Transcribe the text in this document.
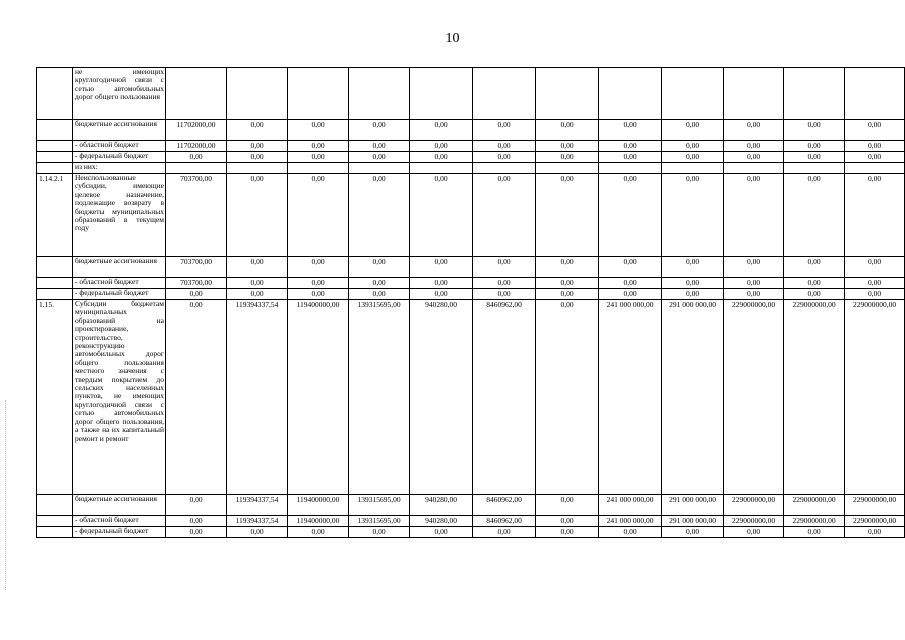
10
	не имеющих круглогодичной связи с сетью автомобильных дорог общего пользования												
	бюджетные ассигнования	11702000,00	0,00	0,00	0,00	0,00	0,00	0,00	0,00	0,00	0,00	0,00	0,00
	- областной бюджет	11702000,00	0,00	0,00	0,00	0,00	0,00	0,00	0,00	0,00	0,00	0,00	0,00
	- федеральный бюджет	0,00	0,00	0,00	0,00	0,00	0,00	0,00	0,00	0,00	0,00	0,00	0,00
	из них:												
1.14.2.1	Неиспользованные субсидии, имеющие целевое назначение, подлежащие возврату в бюджеты муниципальных образований в текущем году	703700,00	0,00	0,00	0,00	0,00	0,00	0,00	0,00	0,00	0,00	0,00	0,00
	бюджетные ассигнования	703700,00	0,00	0,00	0,00	0,00	0,00	0,00	0,00	0,00	0,00	0,00	0,00
	- областной бюджет	703700,00	0,00	0,00	0,00	0,00	0,00	0,00	0,00	0,00	0,00	0,00	0,00
	- федеральный бюджет	0,00	0,00	0,00	0,00	0,00	0,00	0,00	0,00	0,00	0,00	0,00	0,00
1.15.	Субсидии бюджетам муниципальных образований на проектирование, строительство, реконструкцию автомобильных дорог общего пользования местного значения с твердым покрытием до сельских населенных пунктов, не имеющих круглогодичной связи с сетью автомобильных дорог общего пользования, а также на их капитальный ремонт и ремонт	0,00	119394337,54	119400000,00	139315695,00	940280,00	8460962,00	0,00	241 000 000,00	291 000 000,00	229000000,00	229000000,00	229000000,00
	бюджетные ассигнования	0,00	119394337,54	119400000,00	139315695,00	940280,00	8460962,00	0,00	241 000 000,00	291 000 000,00	229000000,00	229000000,00	229000000,00
	- областной бюджет	0,00	119394337,54	119400000,00	139315695,00	940280,00	8460962,00	0,00	241 000 000,00	291 000 000,00	229000000,00	229000000,00	229000000,00
	- федеральный бюджет	0,00	0,00	0,00	0,00	0,00	0,00	0,00	0,00	0,00	0,00	0,00	0,00
